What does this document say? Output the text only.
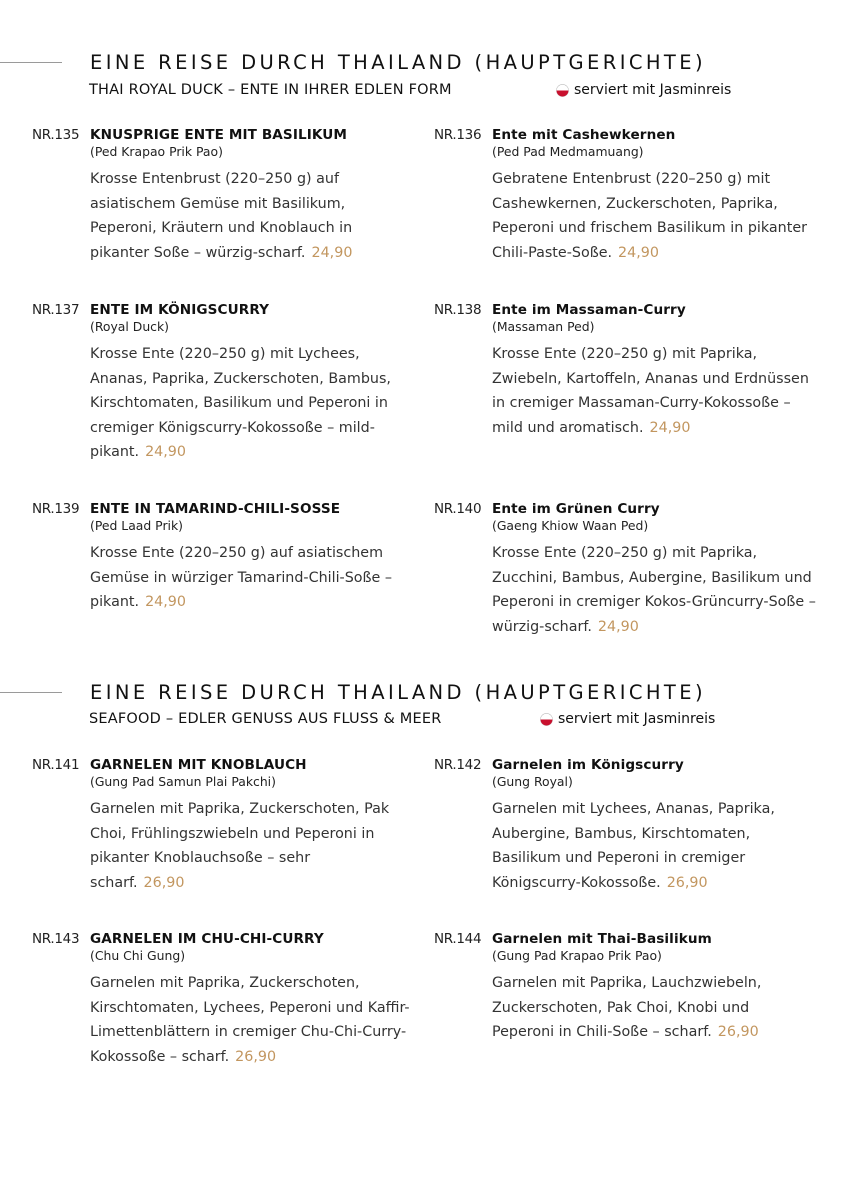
EINE REISE DURCH THAILAND (HAUPTGERICHTE)
THAI ROYAL DUCK – ENTE IN IHRER EDLEN FORM	serviert mit Jasminreis
NR.135 KNUSPRIGE ENTE MIT BASILIKUM
(Ped Krapao Prik Pao)
Krosse Entenbrust (220–250 g) auf asiatischem Gemüse mit Basilikum, Peperoni, Kräutern und Knoblauch in pikanter Soße – würzig-scharf. 24,90
NR.136 Ente mit Cashewkernen
(Ped Pad Medmamuang)
Gebratene Entenbrust (220–250 g) mit Cashewkernen, Zuckerschoten, Paprika, Peperoni und frischem Basilikum in pikanter Chili-Paste-Soße. 24,90
NR.137 ENTE IM KÖNIGSCURRY
(Royal Duck)
Krosse Ente (220–250 g) mit Lychees, Ananas, Paprika, Zuckerschoten, Bambus, Kirschtomaten, Basilikum und Peperoni in cremiger Königscurry-Kokossoße – mild-pikant. 24,90
NR.138 Ente im Massaman-Curry
(Massaman Ped)
Krosse Ente (220–250 g) mit Paprika, Zwiebeln, Kartoffeln, Ananas und Erdnüssen in cremiger Massaman-Curry-Kokossoße – mild und aromatisch. 24,90
NR.139 ENTE IN TAMARIND-CHILI-SOSSE
(Ped Laad Prik)
Krosse Ente (220–250 g) auf asiatischem Gemüse in würziger Tamarind-Chili-Soße – pikant. 24,90
NR.140 Ente im Grünen Curry
(Gaeng Khiow Waan Ped)
Krosse Ente (220–250 g) mit Paprika, Zucchini, Bambus, Aubergine, Basilikum und Peperoni in cremiger Kokos-Grüncurry-Soße – würzig-scharf. 24,90
EINE REISE DURCH THAILAND (HAUPTGERICHTE)
SEAFOOD – EDLER GENUSS AUS FLUSS & MEER	serviert mit Jasminreis
NR.141 GARNELEN MIT KNOBLAUCH
(Gung Pad Samun Plai Pakchi)
Garnelen mit Paprika, Zuckerschoten, Pak Choi, Frühlingszwiebeln und Peperoni in pikanter Knoblauchsoße – sehr scharf. 26,90
NR.142 Garnelen im Königscurry
(Gung Royal)
Garnelen mit Lychees, Ananas, Paprika, Aubergine, Bambus, Kirschtomaten, Basilikum und Peperoni in cremiger Königscurry-Kokossoße. 26,90
NR.143 GARNELEN IM CHU-CHI-CURRY
(Chu Chi Gung)
Garnelen mit Paprika, Zuckerschoten, Kirschtomaten, Lychees, Peperoni und Kaffir-Limettenblättern in cremiger Chu-Chi-Curry-Kokossoße – scharf. 26,90
NR.144 Garnelen mit Thai-Basilikum
(Gung Pad Krapao Prik Pao)
Garnelen mit Paprika, Lauchzwiebeln, Zuckerschoten, Pak Choi, Knobi und Peperoni in Chili-Soße – scharf. 26,90
